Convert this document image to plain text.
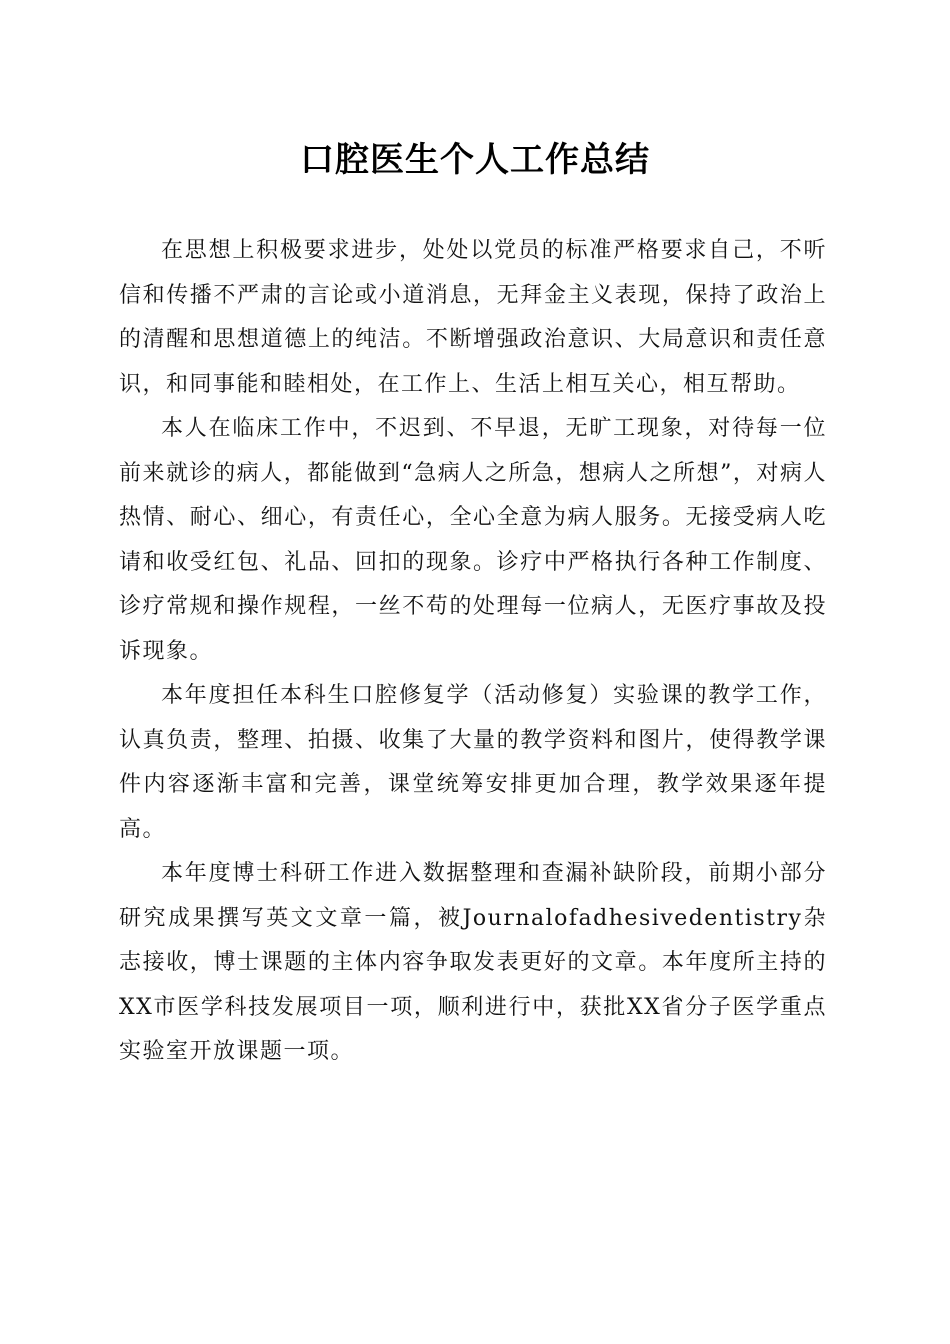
口腔医生个人工作总结

在思想上积极要求进步，处处以党员的标准严格要求自己，不听信和传播不严肃的言论或小道消息，无拜金主义表现，保持了政治上的清醒和思想道德上的纯洁。不断增强政治意识、大局意识和责任意识，和同事能和睦相处，在工作上、生活上相互关心，相互帮助。

本人在临床工作中，不迟到、不早退，无旷工现象，对待每一位前来就诊的病人，都能做到“急病人之所急，想病人之所想”，对病人热情、耐心、细心，有责任心，全心全意为病人服务。无接受病人吃请和收受红包、礼品、回扣的现象。诊疗中严格执行各种工作制度、诊疗常规和操作规程，一丝不苟的处理每一位病人，无医疗事故及投诉现象。

本年度担任本科生口腔修复学（活动修复）实验课的教学工作，认真负责，整理、拍摄、收集了大量的教学资料和图片，使得教学课件内容逐渐丰富和完善，课堂统筹安排更加合理，教学效果逐年提高。

本年度博士科研工作进入数据整理和查漏补缺阶段，前期小部分研究成果撰写英文文章一篇，被Journalofadhesivedentistry杂志接收，博士课题的主体内容争取发表更好的文章。本年度所主持的XX市医学科技发展项目一项，顺利进行中，获批XX省分子医学重点实验室开放课题一项。
